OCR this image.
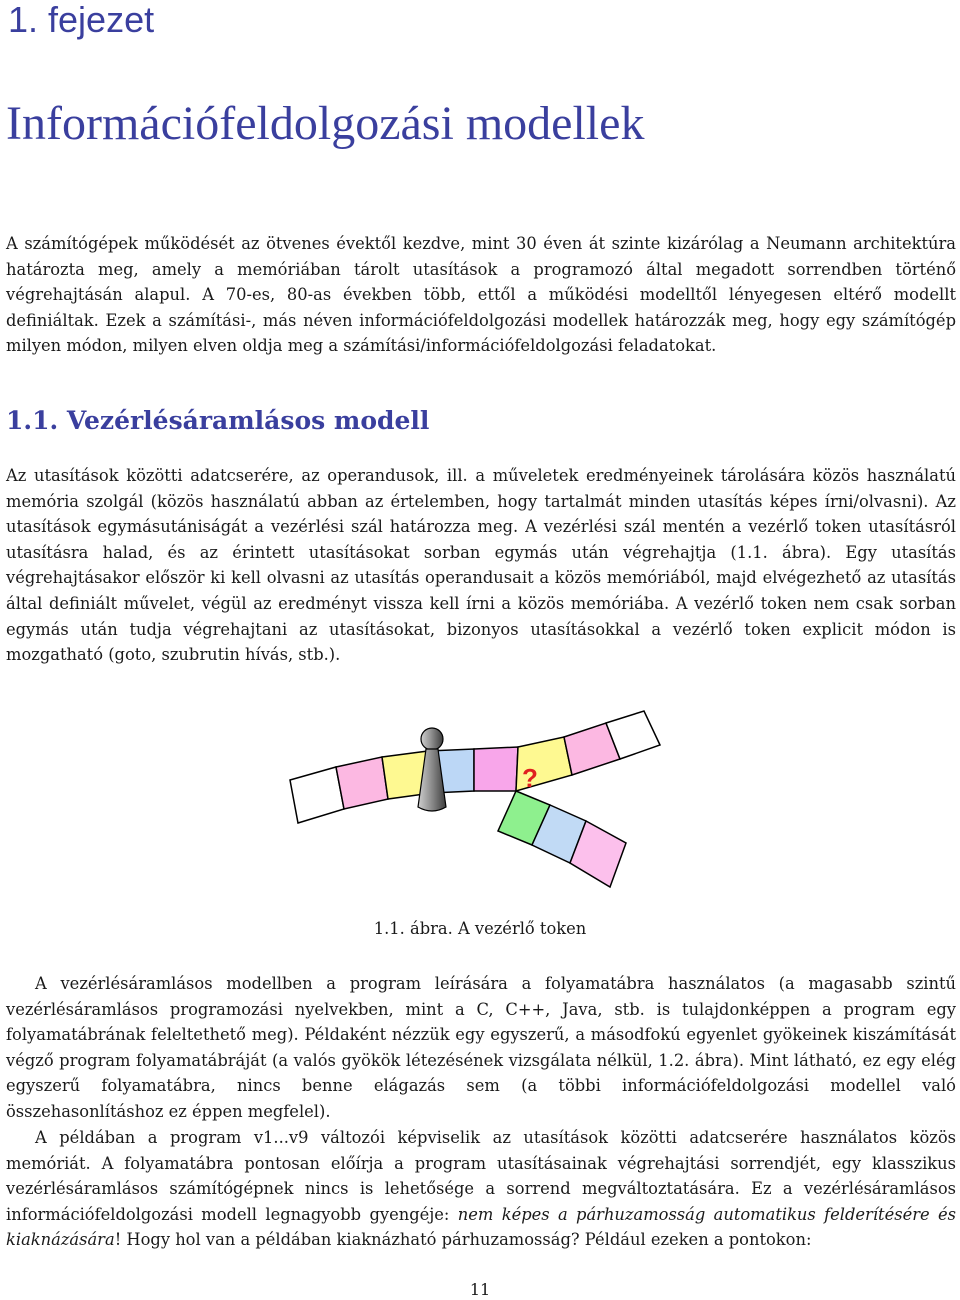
1. fejezet
Információfeldolgozási modellek

A számítógépek működését az ötvenes évektől kezdve, mint 30 éven át szinte kizárólag a Neumann architektúra határozta meg, amely a memóriában tárolt utasítások a programozó által megadott sorrendben történő végrehajtásán alapul. A 70-es, 80-as években több, ettől a működési modelltől lényegesen eltérő modellt definiáltak. Ezek a számítási-, más néven információfeldolgozási modellek határozzák meg, hogy egy számítógép milyen módon, milyen elven oldja meg a számítási/információfeldolgozási feladatokat.

1.1. Vezérlésáramlásos modell

Az utasítások közötti adatcserére, az operandusok, ill. a műveletek eredményeinek tárolására közös használatú memória szolgál (közös használatú abban az értelemben, hogy tartalmát minden utasítás képes írni/olvasni). Az utasítások egymásutániságát a vezérlési szál határozza meg. A vezérlési szál mentén a vezérlő token utasításról utasításra halad, és az érintett utasításokat sorban egymás után végrehajtja (1.1. ábra). Egy utasítás végrehajtásakor először ki kell olvasni az utasítás operandusait a közös memóriából, majd elvégezhető az utasítás által definiált művelet, végül az eredményt vissza kell írni a közös memóriába. A vezérlő token nem csak sorban egymás után tudja végrehajtani az utasításokat, bizonyos utasításokkal a vezérlő token explicit módon is mozgatható (goto, szubrutin hívás, stb.).

?
1.1. ábra. A vezérlő token

A vezérlésáramlásos modellben a program leírására a folyamatábra használatos (a magasabb szintű vezérlésáramlásos programozási nyelvekben, mint a C, C++, Java, stb. is tulajdonképpen a program egy folyamatábrának feleltethető meg). Példaként nézzük egy egyszerű, a másodfokú egyenlet gyökeinek kiszámítását végző program folyamatábráját (a valós gyökök létezésének vizsgálata nélkül, 1.2. ábra). Mint látható, ez egy elég egyszerű folyamatábra, nincs benne elágazás sem (a többi információfeldolgozási modellel való összehasonlításhoz ez éppen megfelel).

A példában a program v1...v9 változói képviselik az utasítások közötti adatcserére használatos közös memóriát. A folyamatábra pontosan előírja a program utasításainak végrehajtási sorrendjét, egy klasszikus vezérlésáramlásos számítógépnek nincs is lehetősége a sorrend megváltoztatására. Ez a vezérlésáramlásos információfeldolgozási modell legnagyobb gyengéje: nem képes a párhuzamosság automatikus felderítésére és kiaknázására! Hogy hol van a példában kiaknázható párhuzamosság? Például ezeken a pontokon:

11
